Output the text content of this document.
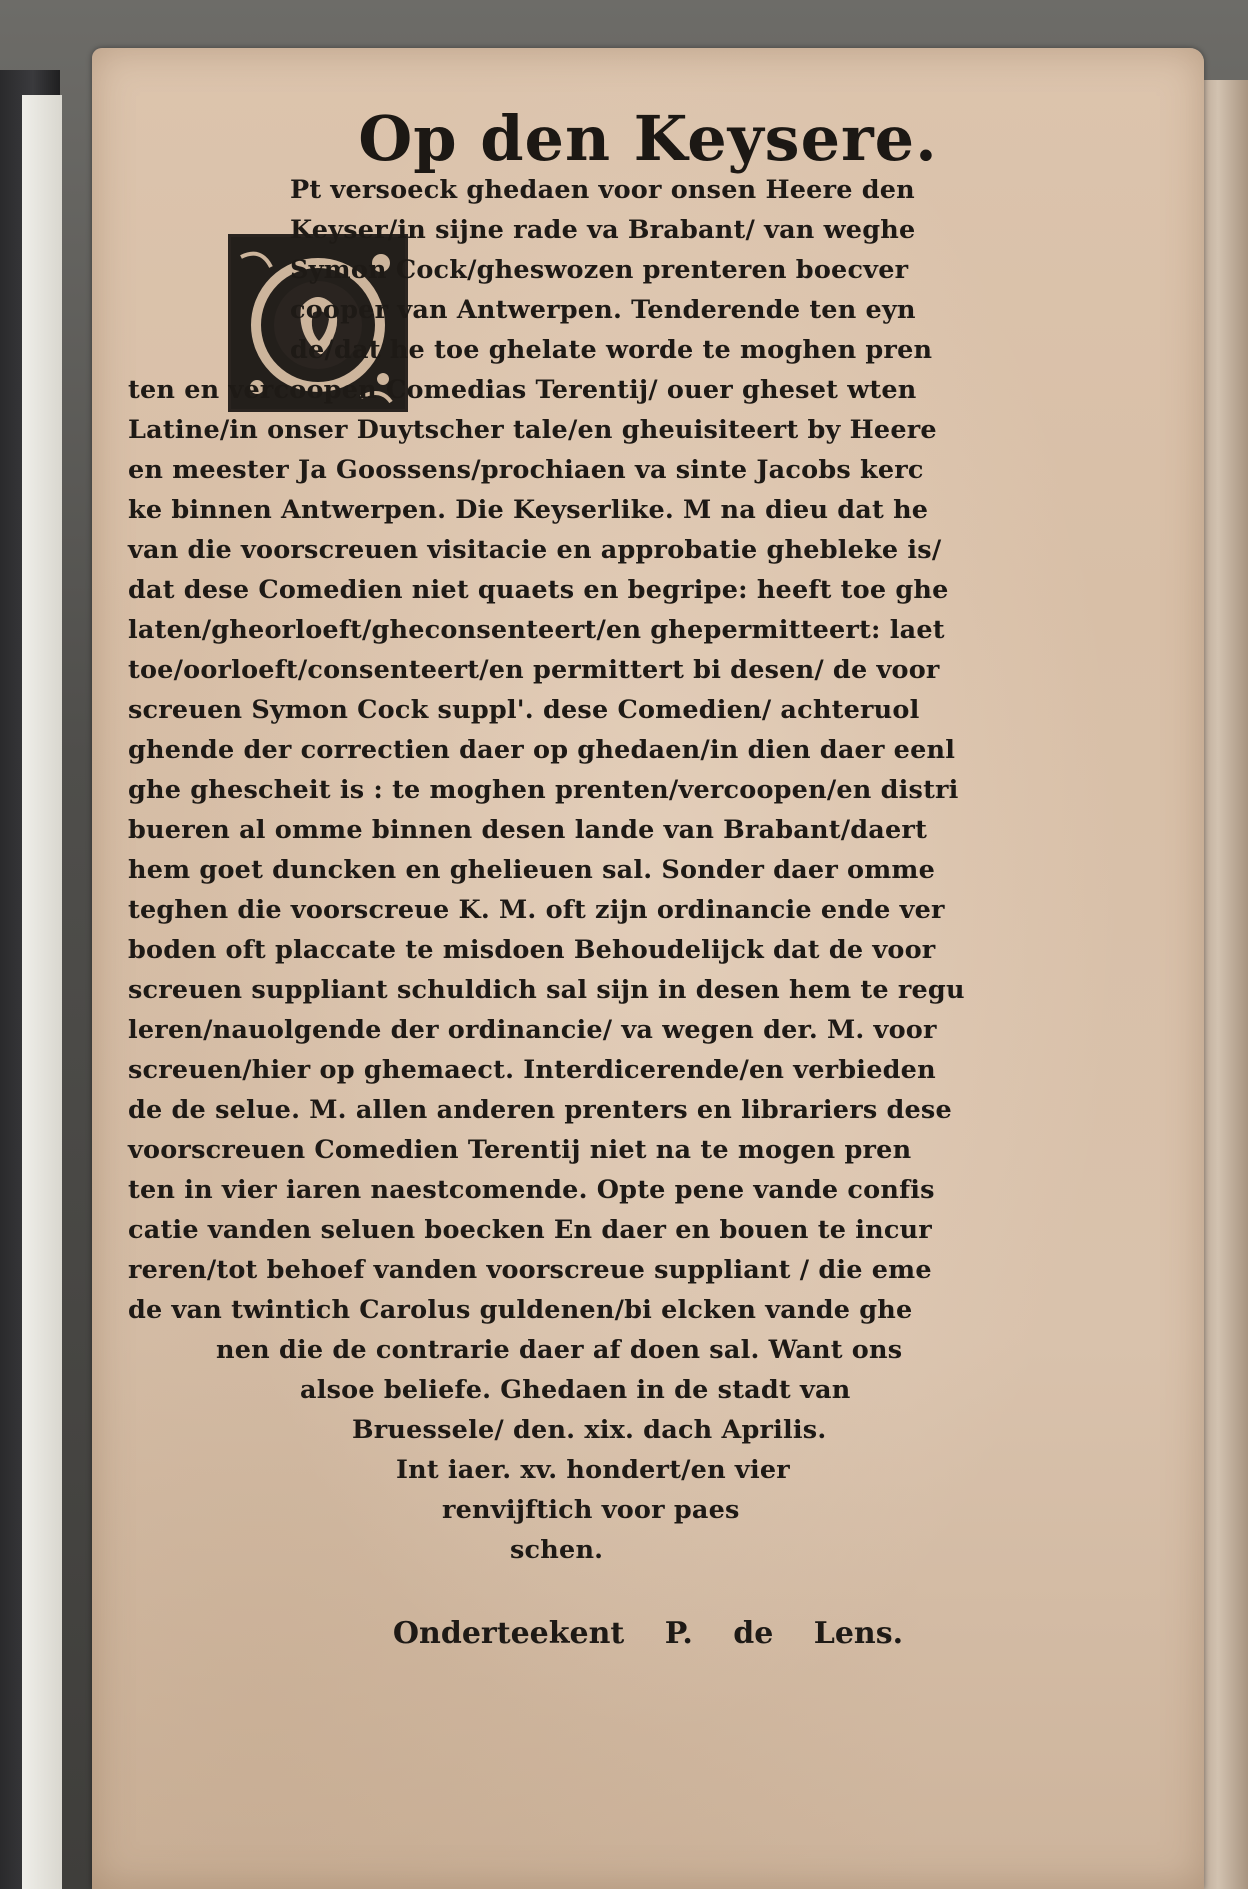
Op den Keysere.
Pt versoeck ghedaen voor onsen Heere den
Keyser/in sijne rade va Brabant/ van weghe
Symon Cock/gheswozen prenteren boecver
cooper van Antwerpen. Tenderende ten eyn
de/dat he toe ghelate worde te moghen pren
ten en vercoopen Comedias Terentij/ ouer gheset wten
Latine/in onser Duytscher tale/en gheuisiteert by Heere
en meester Ja Goossens/prochiaen va sinte Jacobs kerc
ke binnen Antwerpen. Die Keyserlike. M na dieu dat he
van die voorscreuen visitacie en approbatie ghebleke is/
dat dese Comedien niet quaets en begripe: heeft toe ghe
laten/gheorloeft/gheconsenteert/en ghepermitteert: laet
toe/oorloeft/consenteert/en permittert bi desen/ de voor
screuen Symon Cock suppl'. dese Comedien/ achteruol
ghende der correctien daer op ghedaen/in dien daer eenl
ghe ghescheit is : te moghen prenten/vercoopen/en distri
bueren al omme binnen desen lande van Brabant/daert
hem goet duncken en ghelieuen sal. Sonder daer omme
teghen die voorscreue K. M. oft zijn ordinancie ende ver
boden oft placcate te misdoen Behoudelijck dat de voor
screuen suppliant schuldich sal sijn in desen hem te regu
leren/nauolgende der ordinancie/ va wegen der. M. voor
screuen/hier op ghemaect. Interdicerende/en verbieden
de de selue. M. allen anderen prenters en librariers dese
voorscreuen Comedien Terentij niet na te mogen pren
ten in vier iaren naestcomende. Opte pene vande confis
catie vanden seluen boecken En daer en bouen te incur
reren/tot behoef vanden voorscreue suppliant / die eme
de van twintich Carolus guldenen/bi elcken vande ghe
nen die de contrarie daer af doen sal. Want ons
alsoe beliefe. Ghedaen in de stadt van
Bruessele/ den. xix. dach Aprilis.
Int iaer. xv. hondert/en vier
renvijftich voor paes
schen.
Onderteekent P. de Lens.
